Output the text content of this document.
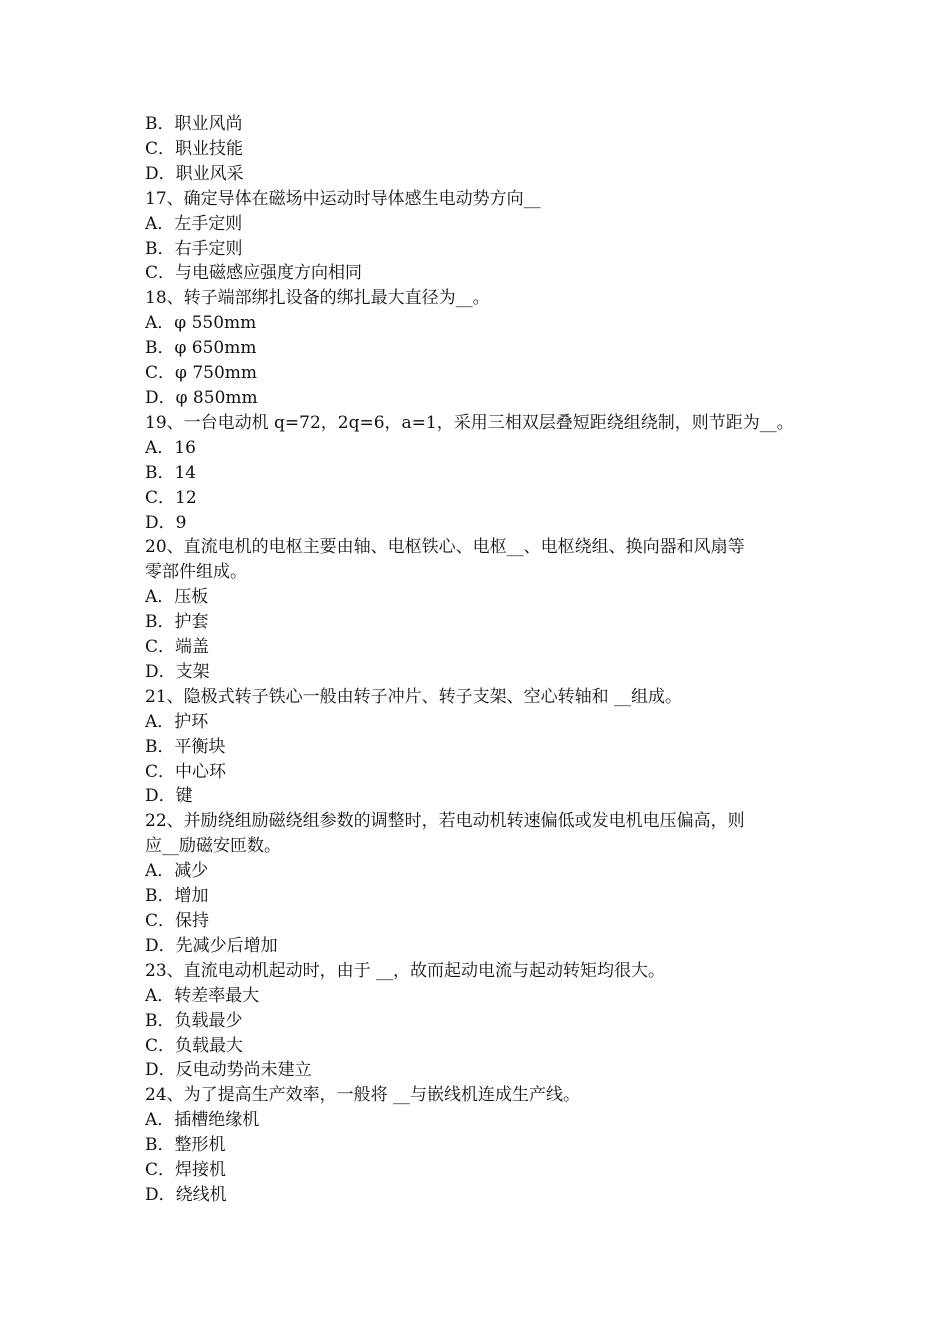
B．职业风尚
C．职业技能
D．职业风采
17、确定导体在磁场中运动时导体感生电动势方向__
A．左手定则
B．右手定则
C．与电磁感应强度方向相同
18、转子端部绑扎设备的绑扎最大直径为__。
A．φ 550mm
B．φ 650mm
C．φ 750mm
D．φ 850mm
19、一台电动机 q=72，2q=6，a=1，采用三相双层叠短距绕组绕制，则节距为__。
A．16
B．14
C．12
D．9
20、直流电机的电枢主要由轴、电枢铁心、电枢__、电枢绕组、换向器和风扇等
零部件组成。
A．压板
B．护套
C．端盖
D．支架
21、隐极式转子铁心一般由转子冲片、转子支架、空心转轴和 __组成。
A．护环
B．平衡块
C．中心环
D．键
22、并励绕组励磁绕组参数的调整时，若电动机转速偏低或发电机电压偏高，则
应__励磁安匝数。
A．减少
B．增加
C．保持
D．先减少后增加
23、直流电动机起动时，由于 __，故而起动电流与起动转矩均很大。
A．转差率最大
B．负载最少
C．负载最大
D．反电动势尚未建立
24、为了提高生产效率，一般将 __与嵌线机连成生产线。
A．插槽绝缘机
B．整形机
C．焊接机
D．绕线机
